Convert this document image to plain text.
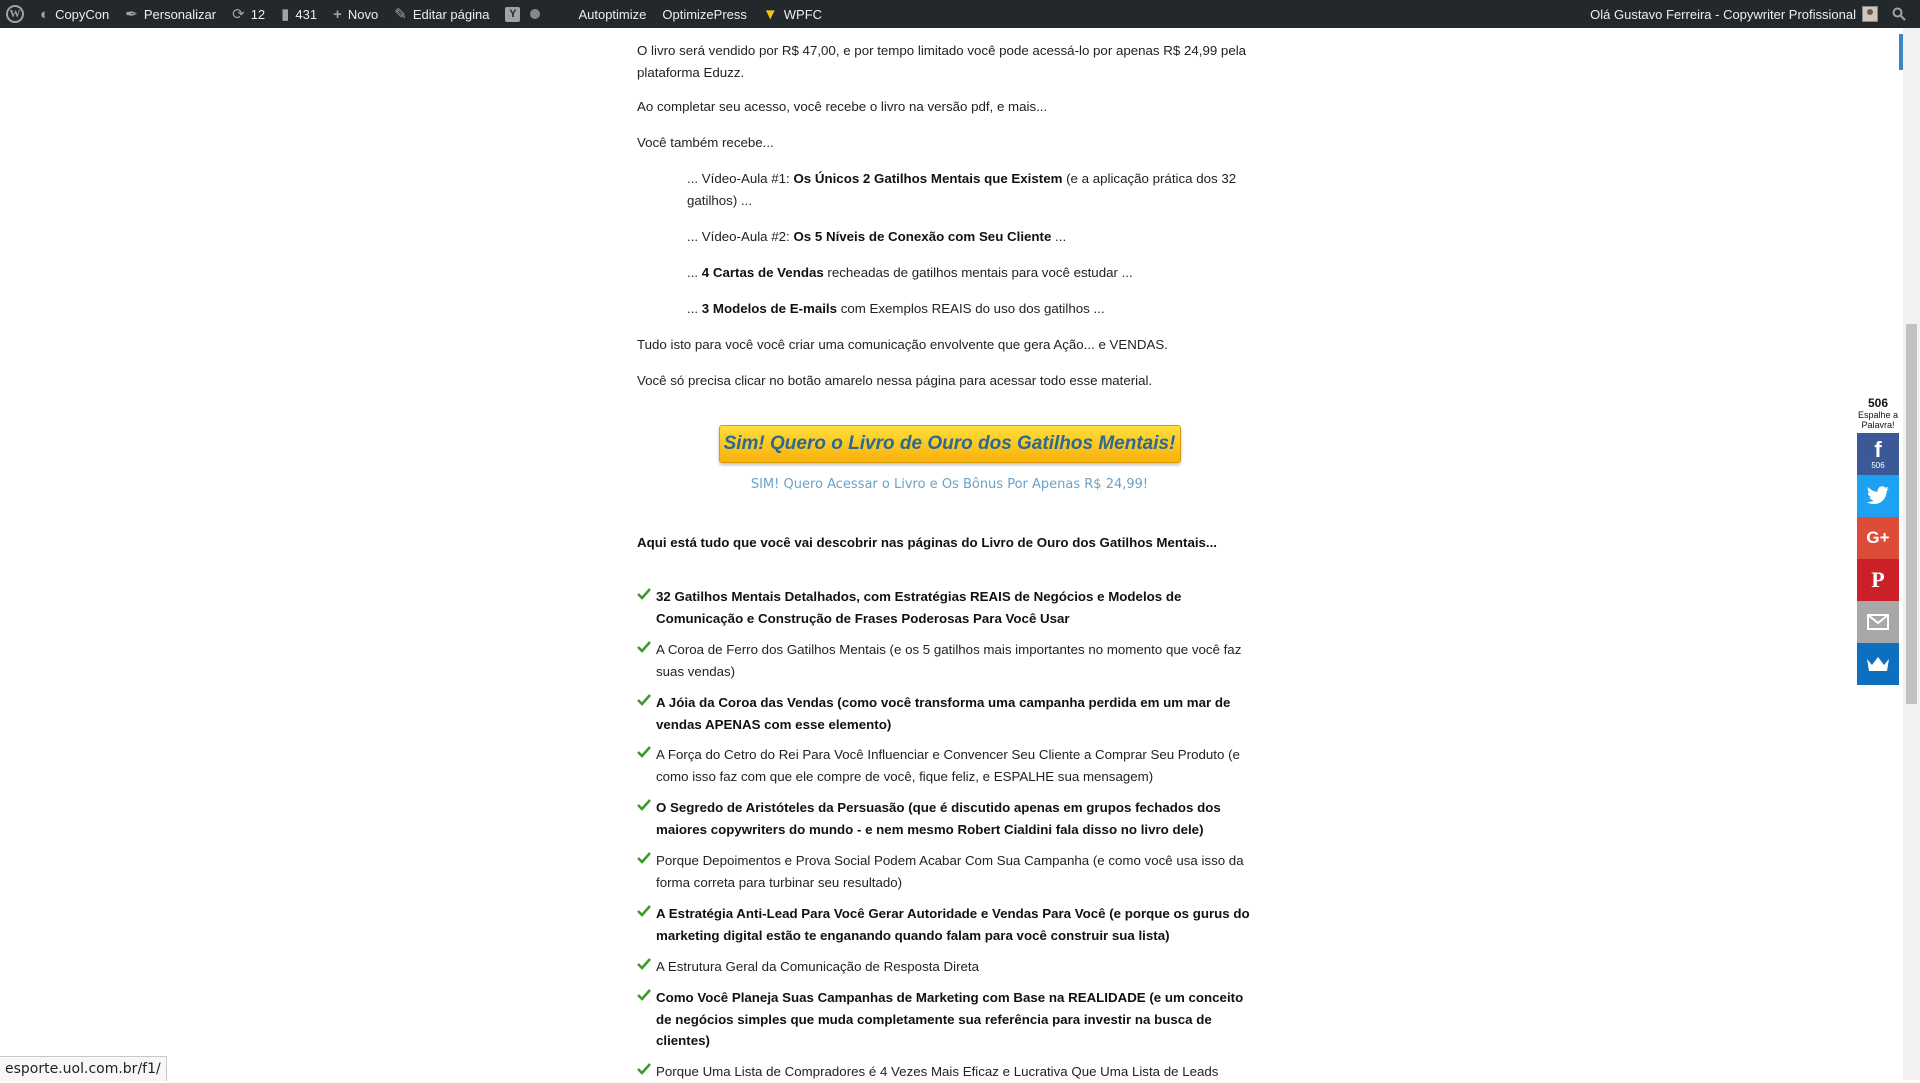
W ◐ CopyCon ✒ Personalizar ⟳ 12 ▮ 431 + Novo ✎ Editar página	Y	Autoptimize OptimizePress ▼ WPFC	Olá Gustavo Ferreira - Copywriter Profissional

O livro será vendido por R$ 47,00, e por tempo limitado você pode acessá-lo por apenas R$ 24,99 pela plataforma Eduzz.

Ao completar seu acesso, você recebe o livro na versão pdf, e mais...

Você também recebe...

... Vídeo-Aula #1: Os Únicos 2 Gatilhos Mentais que Existem (e a aplicação prática dos 32 gatilhos) ...

... Vídeo-Aula #2: Os 5 Níveis de Conexão com Seu Cliente ...

... 4 Cartas de Vendas recheadas de gatilhos mentais para você estudar ...

... 3 Modelos de E-mails com Exemplos REAIS do uso dos gatilhos ...

Tudo isto para você você criar uma comunicação envolvente que gera Ação... e VENDAS.

Você só precisa clicar no botão amarelo nessa página para acessar todo esse material.

Sim! Quero o Livro de Ouro dos Gatilhos Mentais!
SIM! Quero Acessar o Livro e Os Bônus Por Apenas R$ 24,99!
Aqui está tudo que você vai descobrir nas páginas do Livro de Ouro dos Gatilhos Mentais...
32 Gatilhos Mentais Detalhados, com Estratégias REAIS de Negócios e Modelos de Comunicação e Construção de Frases Poderosas Para Você Usar
A Coroa de Ferro dos Gatilhos Mentais (e os 5 gatilhos mais importantes no momento que você faz suas vendas)
A Jóia da Coroa das Vendas (como você transforma uma campanha perdida em um mar de vendas APENAS com esse elemento)
A Força do Cetro do Rei Para Você Influenciar e Convencer Seu Cliente a Comprar Seu Produto (e como isso faz com que ele compre de você, fique feliz, e ESPALHE sua mensagem)
O Segredo de Aristóteles da Persuasão (que é discutido apenas em grupos fechados dos maiores copywriters do mundo - e nem mesmo Robert Cialdini fala disso no livro dele)
Porque Depoimentos e Prova Social Podem Acabar Com Sua Campanha (e como você usa isso da forma correta para turbinar seu resultado)
A Estratégia Anti-Lead Para Você Gerar Autoridade e Vendas Para Você (e porque os gurus do marketing digital estão te enganando quando falam para você construir sua lista)
A Estrutura Geral da Comunicação de Resposta Direta
Como Você Planeja Suas Campanhas de Marketing com Base na REALIDADE (e um conceito de negócios simples que muda completamente sua referência para investir na busca de clientes)
Porque Uma Lista de Compradores é 4 Vezes Mais Eficaz e Lucrativa Que Uma Lista de Leads
506
Espalhe a Palavra!
f
506
G+
P
esporte.uol.com.br/f1/
